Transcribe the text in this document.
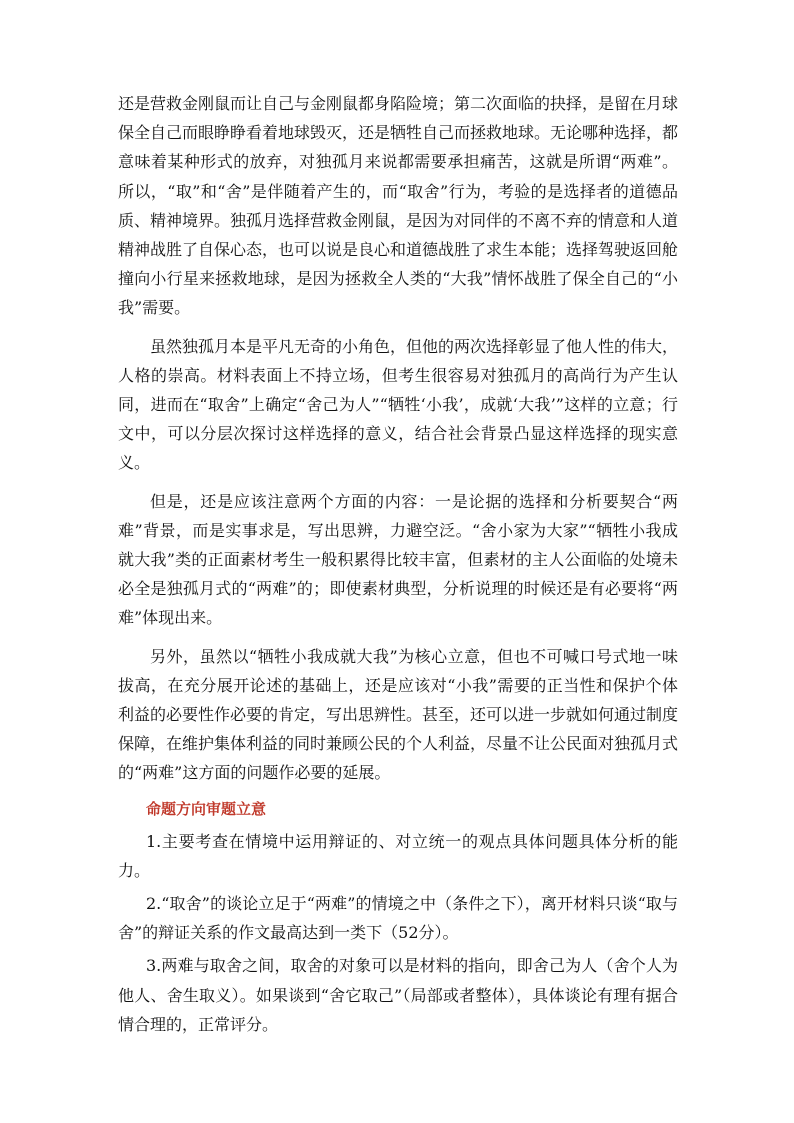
还是营救金刚鼠而让自己与金刚鼠都身陷险境；第二次面临的抉择，是留在月球保全自己而眼睁睁看着地球毁灭，还是牺牲自己而拯救地球。无论哪种选择，都意味着某种形式的放弃，对独孤月来说都需要承担痛苦，这就是所谓“两难”。所以，“取”和“舍”是伴随着产生的，而“取舍”行为，考验的是选择者的道德品质、精神境界。独孤月选择营救金刚鼠，是因为对同伴的不离不弃的情意和人道精神战胜了自保心态，也可以说是良心和道德战胜了求生本能；选择驾驶返回舱撞向小行星来拯救地球，是因为拯救全人类的“大我”情怀战胜了保全自己的“小我”需要。

虽然独孤月本是平凡无奇的小角色，但他的两次选择彰显了他人性的伟大，人格的崇高。材料表面上不持立场，但考生很容易对独孤月的高尚行为产生认同，进而在“取舍”上确定“舍己为人”“牺牲‘小我’，成就‘大我’”这样的立意；行文中，可以分层次探讨这样选择的意义，结合社会背景凸显这样选择的现实意义。

但是，还是应该注意两个方面的内容：一是论据的选择和分析要契合“两难”背景，而是实事求是，写出思辨，力避空泛。“舍小家为大家”“牺牲小我成就大我”类的正面素材考生一般积累得比较丰富，但素材的主人公面临的处境未必全是独孤月式的“两难”的；即使素材典型，分析说理的时候还是有必要将“两难”体现出来。

另外，虽然以“牺牲小我成就大我”为核心立意，但也不可喊口号式地一味拔高，在充分展开论述的基础上，还是应该对“小我”需要的正当性和保护个体利益的必要性作必要的肯定，写出思辨性。甚至，还可以进一步就如何通过制度保障，在维护集体利益的同时兼顾公民的个人利益，尽量不让公民面对独孤月式的“两难”这方面的问题作必要的延展。

命题方向审题立意

1.主要考查在情境中运用辩证的、对立统一的观点具体问题具体分析的能力。

2.“取舍”的谈论立足于“两难”的情境之中（条件之下），离开材料只谈“取与舍”的辩证关系的作文最高达到一类下（52分）。

3.两难与取舍之间，取舍的对象可以是材料的指向，即舍己为人（舍个人为他人、舍生取义）。如果谈到“舍它取己”（局部或者整体），具体谈论有理有据合情合理的，正常评分。
